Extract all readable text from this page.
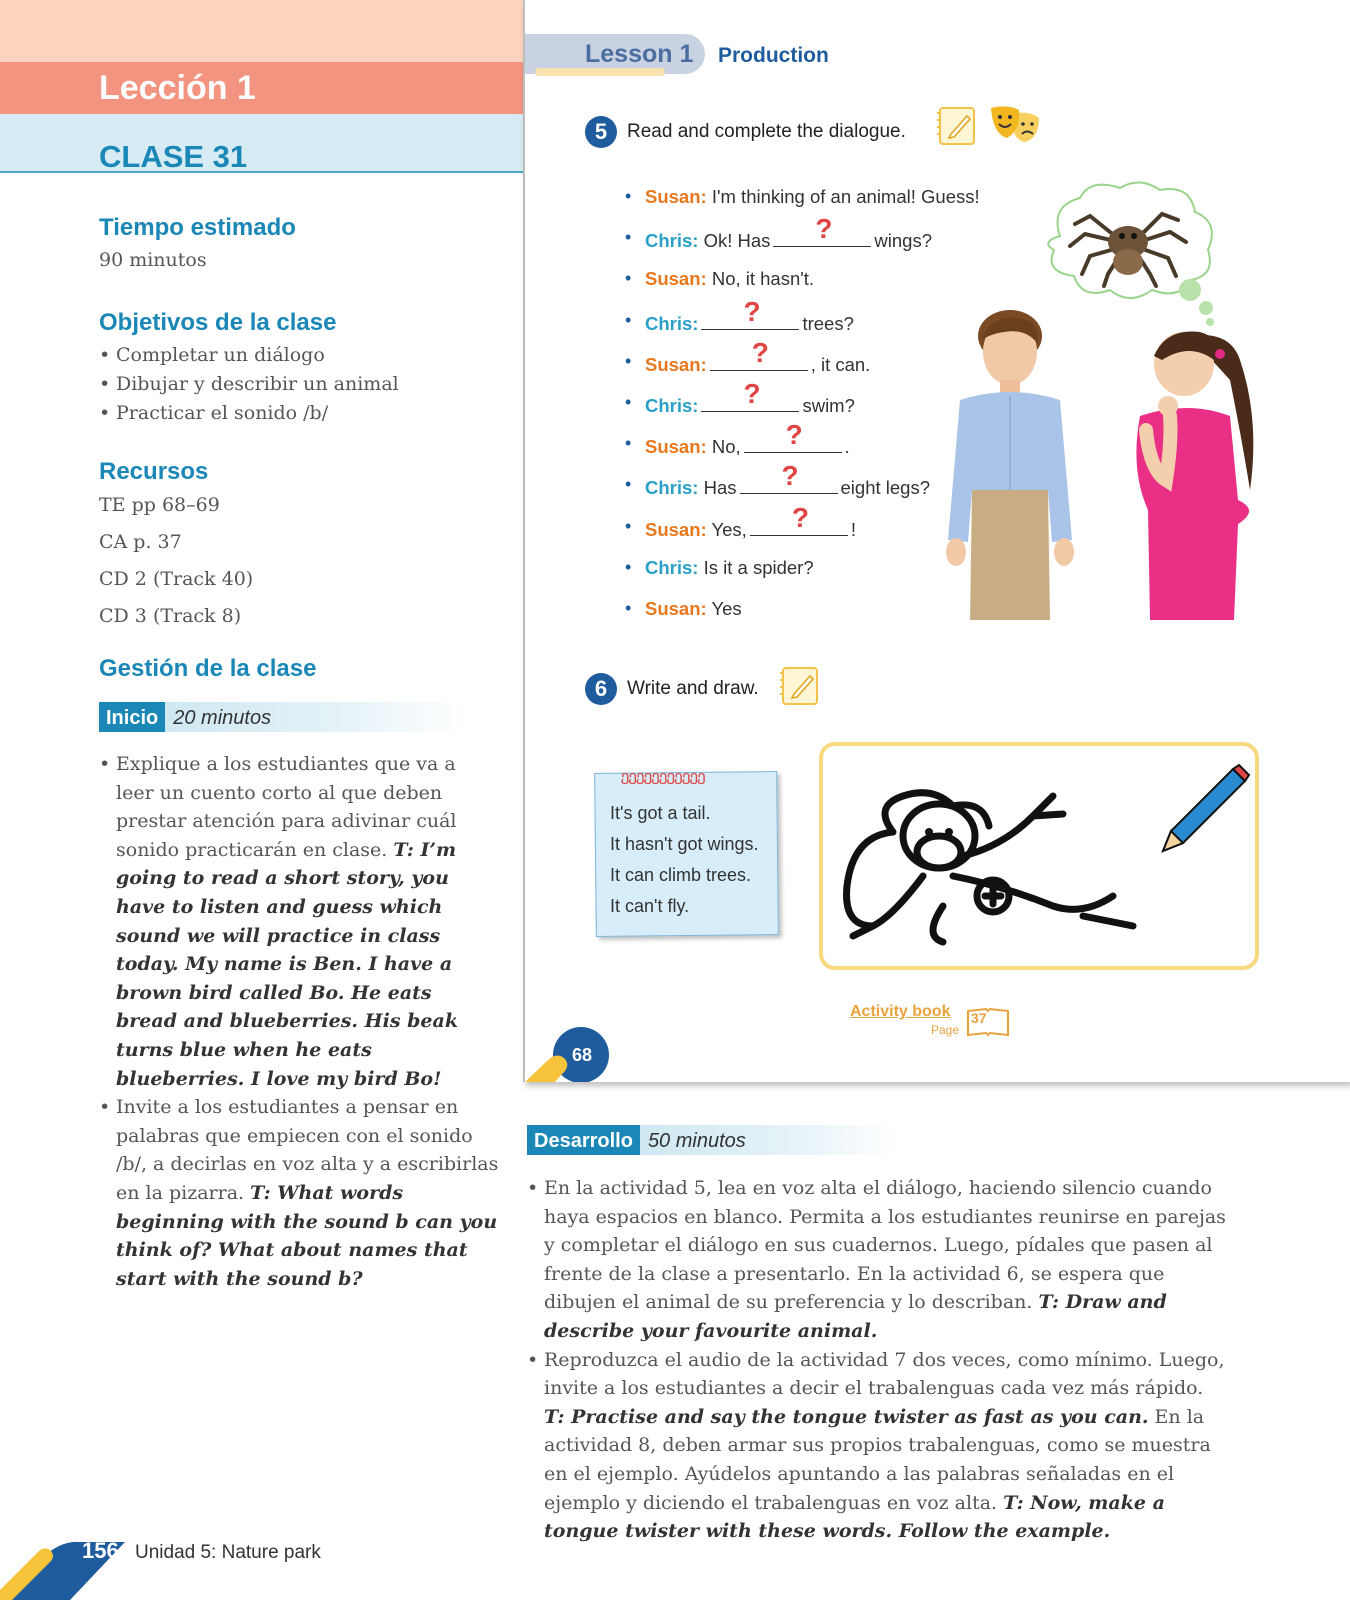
Lección 1
CLASE 31
Tiempo estimado
90 minutos
Objetivos de la clase
• Completar un diálogo
• Dibujar y describir un animal
• Practicar el sonido /b/
Recursos
TE pp 68–69
CA p. 37
CD 2 (Track 40)
CD 3 (Track 8)
Gestión de la clase
Inicio 20 minutos
• Explique a los estudiantes que va a leer un cuento corto al que deben prestar atención para adivinar cuál sonido practicarán en clase. T: I’m going to read a short story, you have to listen and guess which sound we will practice in class today. My name is Ben. I have a brown bird called Bo. He eats bread and blueberries. His beak turns blue when he eats blueberries. I love my bird Bo!
• Invite a los estudiantes a pensar en palabras que empiecen con el sonido /b/, a decirlas en voz alta y a escribirlas en la pizarra. T: What words beginning with the sound b can you think of? What about names that start with the sound b?
156 Unidad 5: Nature park
Lesson 1 Production
5	Read and complete the dialogue.
• Susan: I'm thinking of an animal! Guess!
• Chris: Ok! Has ? wings?
• Susan: No, it hasn't.
• Chris: ? trees?
• Susan: ? , it can.
• Chris: ? swim?
• Susan: No, ? .
• Chris: Has ? eight legs?
• Susan: Yes, ? !
• Chris: Is it a spider?
• Susan: Yes
6	Write and draw.
ეეეეეეეეეეე
It's got a tail.
It hasn't got wings.
It can climb trees.
It can't fly.
Activity book
Page
37
68
Desarrollo 50 minutos
• En la actividad 5, lea en voz alta el diálogo, haciendo silencio cuando haya espacios en blanco. Permita a los estudiantes reunirse en parejas y completar el diálogo en sus cuadernos. Luego, pídales que pasen al frente de la clase a presentarlo. En la actividad 6, se espera que dibujen el animal de su preferencia y lo describan. T: Draw and describe your favourite animal.
• Reproduzca el audio de la actividad 7 dos veces, como mínimo. Luego, invite a los estudiantes a decir el trabalenguas cada vez más rápido. T: Practise and say the tongue twister as fast as you can. En la actividad 8, deben armar sus propios trabalenguas, como se muestra en el ejemplo. Ayúdelos apuntando a las palabras señaladas en el ejemplo y diciendo el trabalenguas en voz alta. T: Now, make a tongue twister with these words. Follow the example.
